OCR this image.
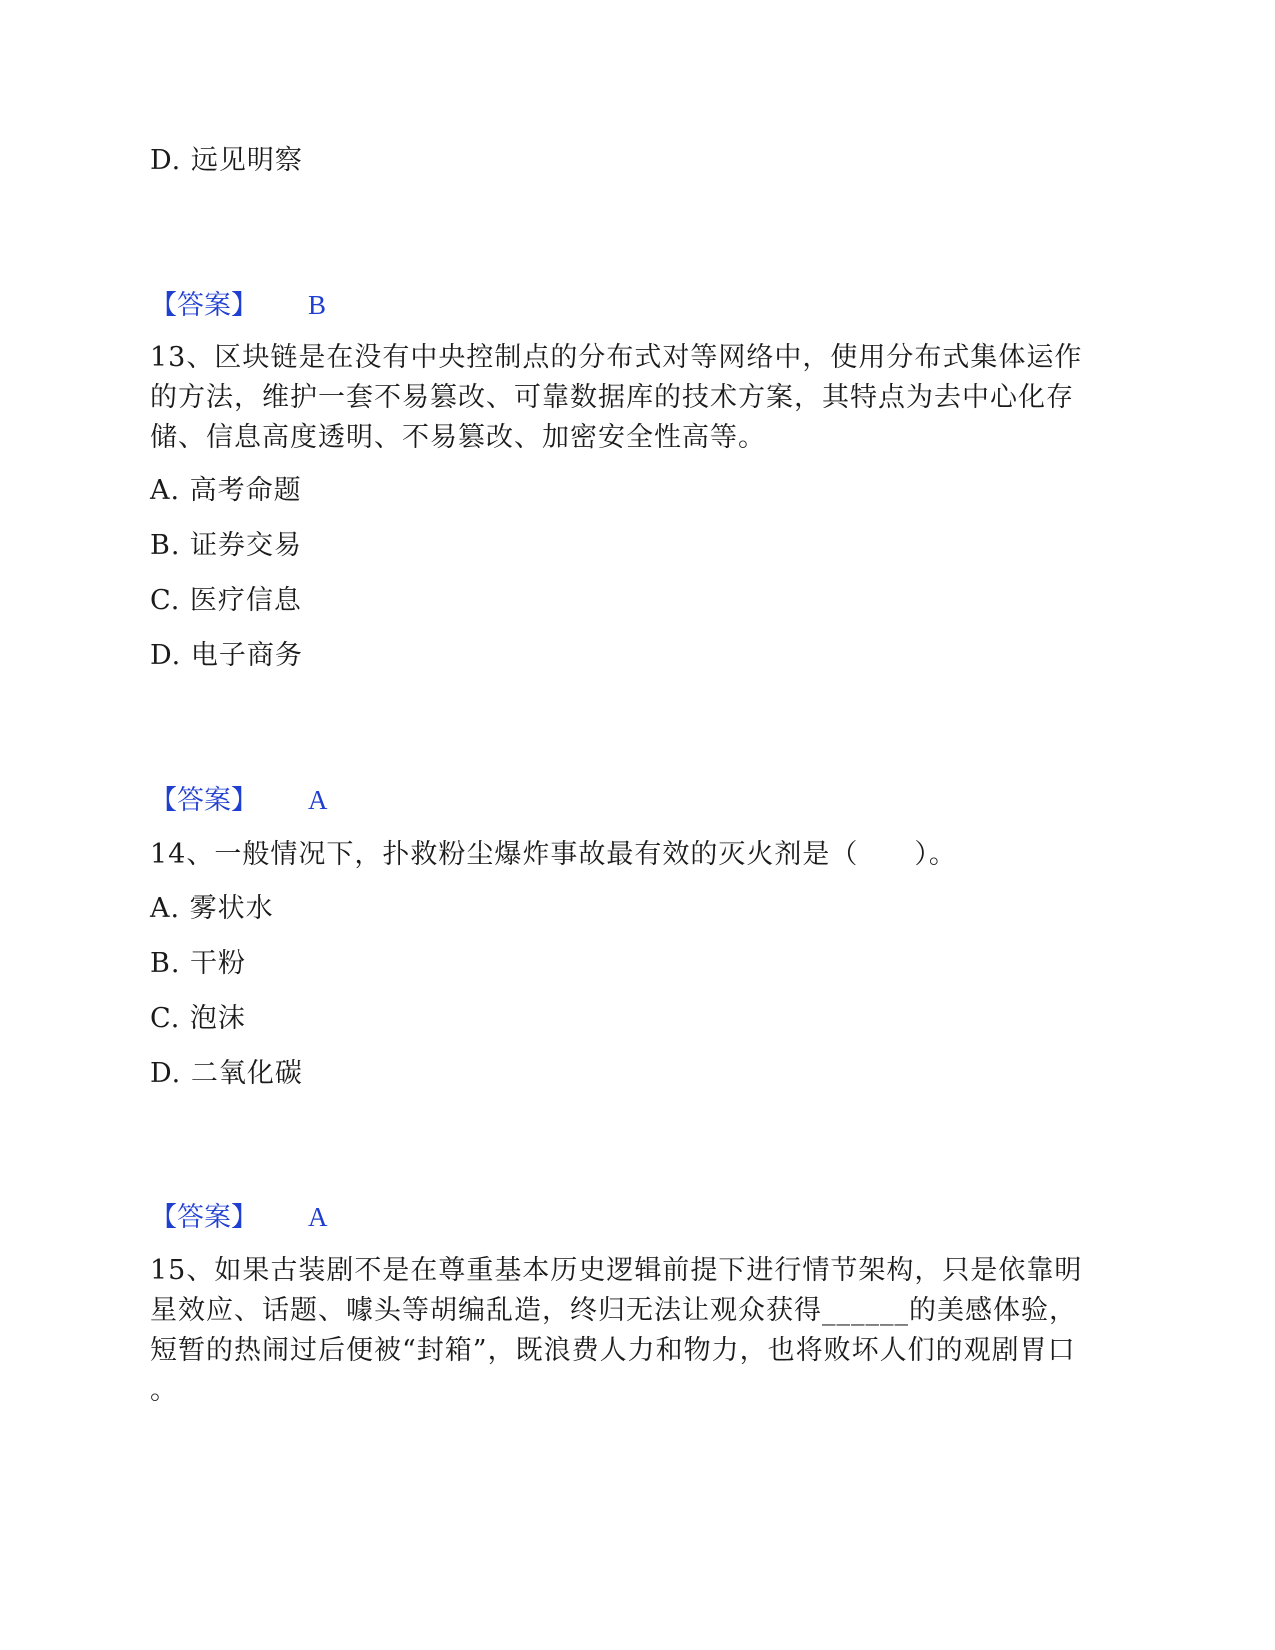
D. 远见明察
【答案】 B
13、区块链是在没有中央控制点的分布式对等网络中，使用分布式集体运作
的方法，维护一套不易篡改、可靠数据库的技术方案，其特点为去中心化存
储、信息高度透明、不易篡改、加密安全性高等。
A. 高考命题
B. 证券交易
C. 医疗信息
D. 电子商务
【答案】 A
14、一般情况下，扑救粉尘爆炸事故最有效的灭火剂是（　　）。
A. 雾状水
B. 干粉
C. 泡沫
D. 二氧化碳
【答案】 A
15、如果古装剧不是在尊重基本历史逻辑前提下进行情节架构，只是依靠明
星效应、话题、噱头等胡编乱造，终归无法让观众获得______的美感体验，
短暂的热闹过后便被“封箱”，既浪费人力和物力，也将败坏人们的观剧胃口
。
